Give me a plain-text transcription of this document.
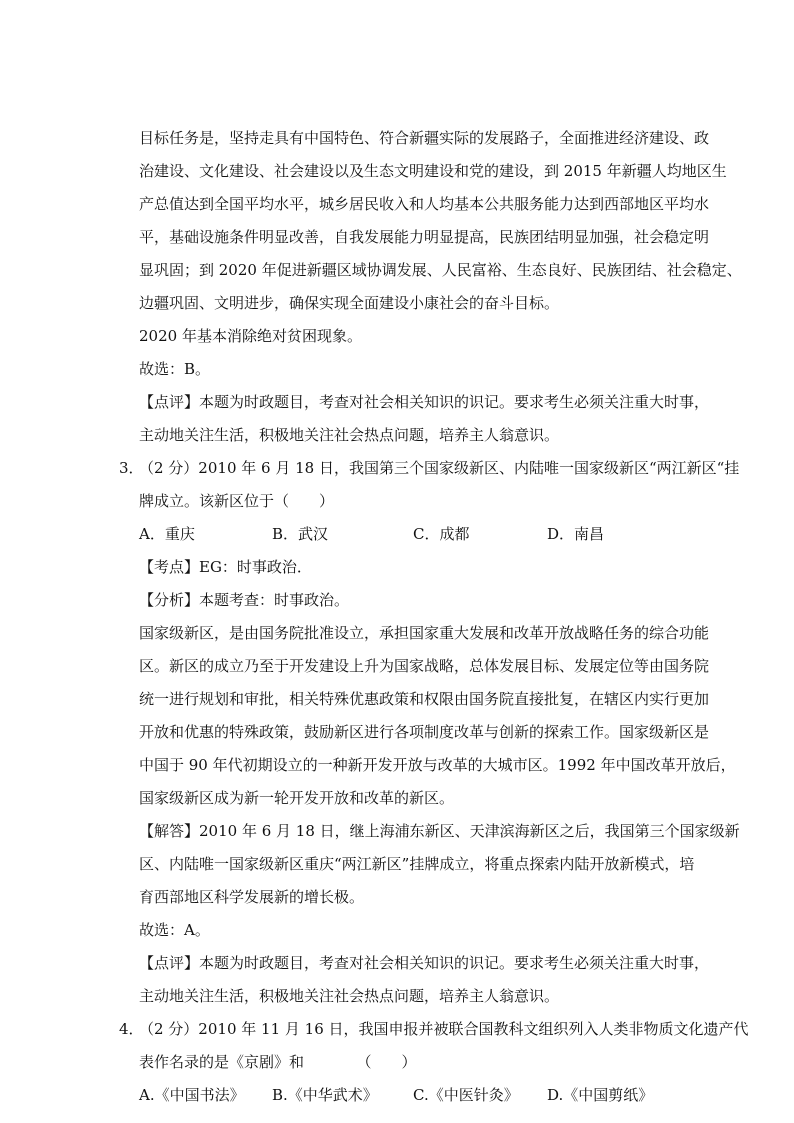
目标任务是，坚持走具有中国特色、符合新疆实际的发展路子，全面推进经济建设、政
治建设、文化建设、社会建设以及生态文明建设和党的建设，到 2015 年新疆人均地区生
产总值达到全国平均水平，城乡居民收入和人均基本公共服务能力达到西部地区平均水
平，基础设施条件明显改善，自我发展能力明显提高，民族团结明显加强，社会稳定明
显巩固；到 2020 年促进新疆区域协调发展、人民富裕、生态良好、民族团结、社会稳定、
边疆巩固、文明进步，确保实现全面建设小康社会的奋斗目标。
2020 年基本消除绝对贫困现象。
故选：B。
【点评】本题为时政题目，考查对社会相关知识的识记。要求考生必须关注重大时事，
主动地关注生活，积极地关注社会热点问题，培养主人翁意识。
3．
（2 分）2010 年 6 月 18 日，我国第三个国家级新区、内陆唯一国家级新区“两江新区“挂
牌成立。该新区位于（　　）
A．重庆	B．武汉	C．成都	D．南昌
【考点】EG：时事政治．
【分析】本题考查：时事政治。
国家级新区，是由国务院批准设立，承担国家重大发展和改革开放战略任务的综合功能
区。新区的成立乃至于开发建设上升为国家战略，总体发展目标、发展定位等由国务院
统一进行规划和审批，相关特殊优惠政策和权限由国务院直接批复，在辖区内实行更加
开放和优惠的特殊政策，鼓励新区进行各项制度改革与创新的探索工作。国家级新区是
中国于 90 年代初期设立的一种新开发开放与改革的大城市区。1992 年中国改革开放后，
国家级新区成为新一轮开发开放和改革的新区。
【解答】2010 年 6 月 18 日，继上海浦东新区、天津滨海新区之后，我国第三个国家级新
区、内陆唯一国家级新区重庆“两江新区”挂牌成立，将重点探索内陆开放新模式，培
育西部地区科学发展新的增长极。
故选：A。
【点评】本题为时政题目，考查对社会相关知识的识记。要求考生必须关注重大时事，
主动地关注生活，积极地关注社会热点问题，培养主人翁意识。
4．
（2 分）2010 年 11 月 16 日，我国申报并被联合国教科文组织列入人类非物质文化遗产代
表作名录的是《京剧》和　　　　（　　）
A.《中国书法》 B.《中华武术》 C.《中医针灸》 D.《中国剪纸》
